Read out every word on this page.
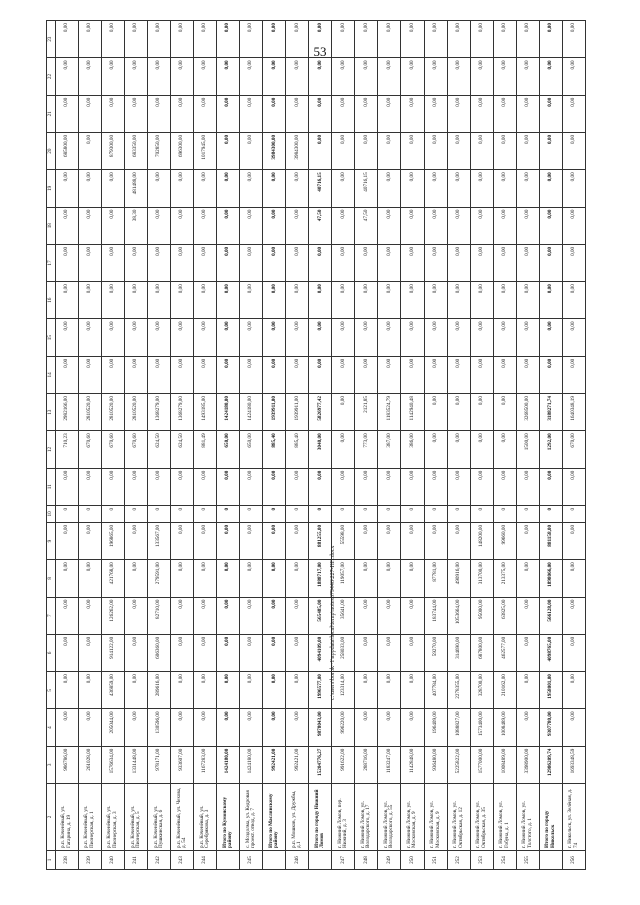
53
1	2	3	4	5	6	7	8	9	10	11	12	13	14	15	16	17	18	19	20	21	22	23
238	р.п. Коченёвый, ул. Гагарина, д. 19	986786,00	0,00	0,00	0,00	0,00	0,00	0,00	0	0,00	710,23	2982166,00	0,00	0,00	0,00	0,00	0,00	0,00	685800,00	0,00	0,00	0,00
239	р.п. Коченёвый, ул. Пионерская, д. 1	261028,00	0,00	0,00	0,00	0,00	0,00	0,00	0	0,00	670,60	2810520,00	0,00	0,00	0,00	0,00	0,00	0,00	0,00	0,00	0,00	0,00
240	р.п. Коченёвый, ул. Пионерская, д. 3	1576634,00	205044,00	436859,00	914122,00	126262,00	421768,00	196865,00	0	0,00	670,60	2810520,00	0,00	0,00	0,00	0,00	0,00	0,00	879300,00	0,00	0,00	0,00
241	р.п. Коченёвый, ул. Пионерская, д. 5	1331448,00	0,00	0,00	0,00	0,00	0,00	0,00	0	0,00	670,60	2810520,00	0,00	0,00	0,00	0,00	38,30	481488,00	683350,00	0,00	0,00	0,00
242	р.п. Коченёвый, ул. Пушкинская, д. 6	978171,00	130596,00	289616,00	606360,00	82710,00	279591,00	133567,00	0	0,00	624,50	1368279,00	0,00	0,00	0,00	0,00	0,00	0,00	702850,00	0,00	0,00	0,00
243	р.п. Коченёвый, ул. Чехова, д. 54	933607,00	0,00	0,00	0,00	0,00	0,00	0,00	0	0,00	624,50	1368279,00	0,00	0,00	0,00	0,00	0,00	0,00	696300,00	0,00	0,00	0,00
244	р.п. Коченёвый, ул. Серебрякова, д. 3	1167283,00	0,00	0,00	0,00	0,00	0,00	0,00	0	0,00	881,49	1493185,00	0,00	0,00	0,00	0,00	0,00	0,00	1017945,00	0,00	0,00	0,00
	Итого по Кумонскому району	1424180,00	0,00	0,00	0,00	0,00	0,00	0,00	0	0,00	650,00	1424180,00	0,00	0,00	0,00	0,00	0,00	0,00	0,00	0,00	0,00	0,00
245	с. Моздолма, ул. Кедровая проект. отвод, д. 7	1424180,00	0,00	0,00	0,00	0,00	0,00	0,00	0	0,00	650,00	1424180,00	0,00	0,00	0,00	0,00	0,00	0,00	0,00	0,00	0,00	0,00
	Итого по Маслянскому району	992421,00	0,00	0,00	0,00	0,00	0,00	0,00	0	0,00	885,40	1939911,00	0,00	0,00	0,00	0,00	0,00	0,00	3984300,00	0,00	0,00	0,00
246	р.п. Мошков, ул. Дружбы, д.1	992421,00	0,00	0,00	0,00	0,00	0,00	0,00	0	0,00	885,40	1939911,00	0,00	0,00	0,00	0,00	0,00	0,00	3984300,00	0,00	0,00	0,00
	Итого по городу Нижний Ломов	15204776,27	9878043,00	1996577,00	4094109,00	565485,00	1888717,00	881255,00	0	0,00	3040,00	5826977,42	0,00	0,00	0,00	0,00	47,50	40716,15	0,00	0,00	0,00	0,00
247	г. Нижний Ломов, пер. Нижний, д. 3	991622,00	996220,00	123314,00	258033,00	35641,00	119057,00	55598,00	0	0,00	0,00	0,00	0,00	0,00	0,00	0,00	0,00	0,00	0,00	0,00	0,00	0,00
248	г. Нижний Ломов, ул. Володарского, д. 17	288716,00	0,00	0,00	0,00	0,00	0,00	0,00	0	0,00	773,00	2121,85	0,00	0,00	0,00	0,00	47,50	40716,15	0,00	0,00	0,00	0,00
249	г. Нижний Ломов, ул. Володарского, д. 55	1183247,00	0,00	0,00	0,00	0,00	0,00	0,00	0	0,00	387,00	1183524,79	0,00	0,00	0,00	0,00	0,00	0,00	0,00	0,00	0,00	0,00
250	г. Нижний Ломов, ул. Московская, д. 9	1142848,00	0,00	0,00	0,00	0,00	0,00	0,00	0	0,00	386,00	1142940,48	0,00	0,00	0,00	0,00	0,00	0,00	0,00	0,00	0,00	0,00
251	г. Нижний Ломов, ул. Московская, д. 9	936480,00	196409,00	407784,00	59270,00	183744,00	87781,00	0,00	0	0,00	0,00	0,00	0,00	0,00	0,00	0,00	0,00	0,00	0,00	0,00	0,00	0,00
252	г. Нижний Ломов, ул. Октябрьская, д. 12	5225822,00	1088827,00	2278355,00	314690,00	1053664,00	490916,00	0,00	0	0,00	0,00	0,00	0,00	0,00	0,00	0,00	0,00	0,00	0,00	0,00	0,00	0,00
253	г. Нижний Ломов, ул. Октябрьская, д. 35	1577000,00	1573400,00	328700,00	687800,00	95000,00	313700,00	148200,00	0	0,00	0,00	0,00	0,00	0,00	0,00	0,00	0,00	0,00	0,00	0,00	0,00	0,00
254	г. Нижний Ломов, ул. Гобуна, д. 1	1008489,00	1008489,00	210162,00	462577,00	63825,00	213375,00	99660,00	0	0,00	0,00	0,00	0,00	0,00	0,00	0,00	0,00	0,00	0,00	0,00	0,00	0,00
255	г. Нижний Ломов, ул. Толстого, д. 1	3398900,00	0,00	0,00	0,00	0,00	0,00	0,00	0	0,00	1500,00	3268500,00	0,00	0,00	0,00	0,00	0,00	0,00	0,00	0,00	0,00	0,00
	Итого по городу Никольск	12986209,74	9307780,00	1958001,00	4098765,00	566128,00	1898066,00	881158,00	0	0,00	1292,00	3188271,74	0,00	0,00	0,00	0,00	0,00	0,00	0,00	0,00	0,00	0,00
256	г. Никольск, ул. Зелёная, д. 74	1693348,59	0,00	0,00	0,00	0,00	0,00	0,00	0	0,00	670,00	1640348,19	0,00	0,00	0,00	0,00	0,00	0,00	0,00	0,00	0,00	0,00
c:\users\borok~1\appdata\local\temp\notes879446\227-ПП.docx
